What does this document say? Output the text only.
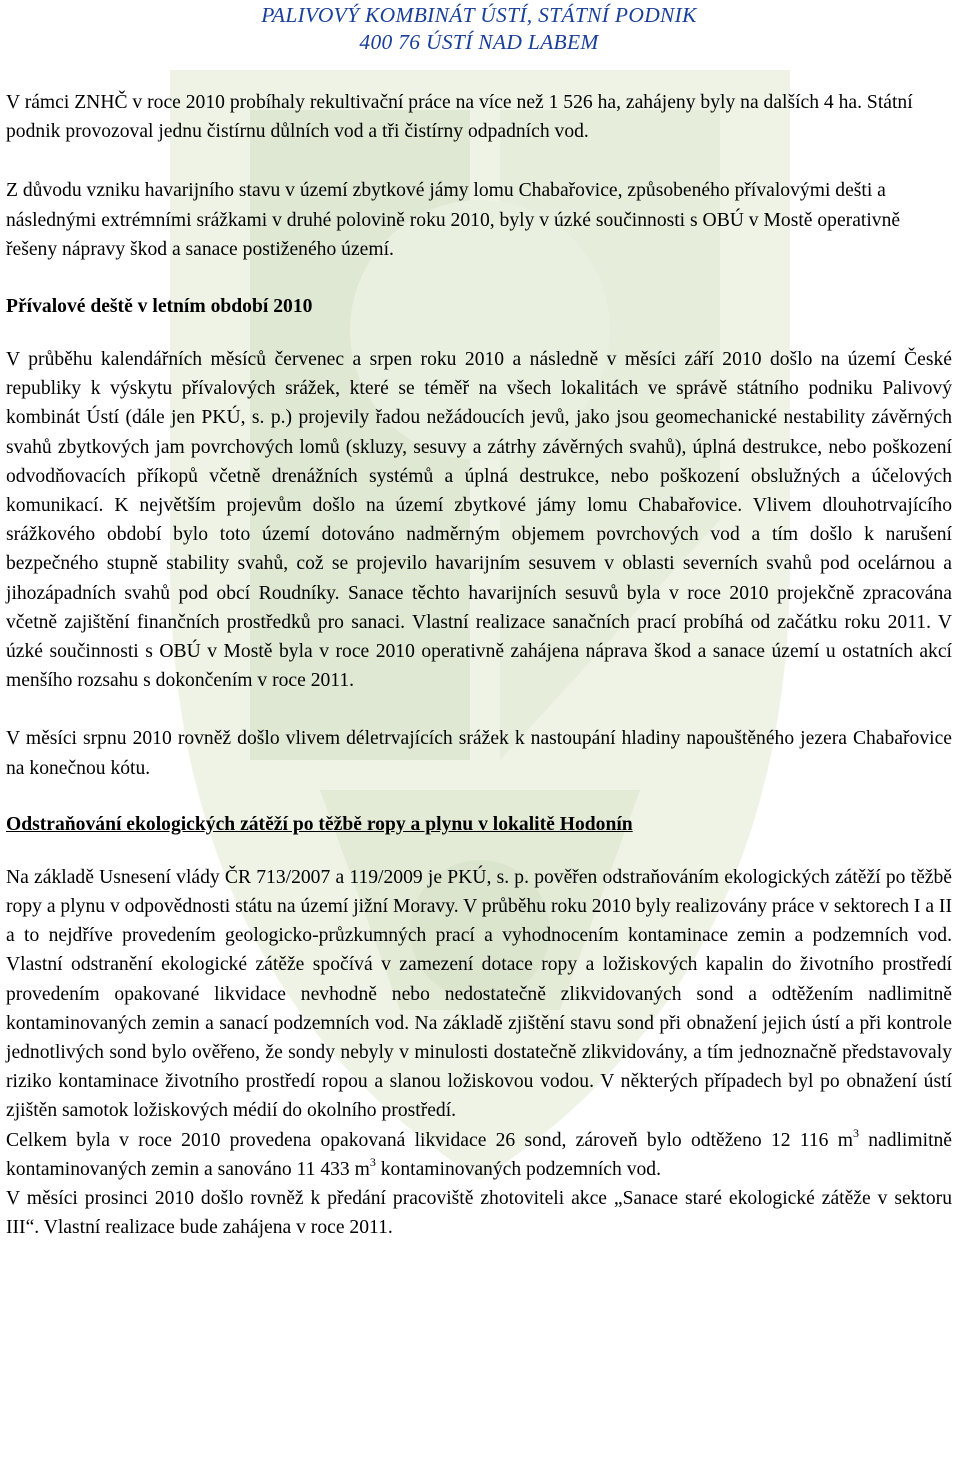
PALIVOVÝ KOMBINÁT ÚSTÍ, STÁTNÍ PODNIK
400 76 ÚSTÍ NAD LABEM

V rámci ZNHČ v roce 2010 probíhaly rekultivační práce na více než 1 526 ha, zahájeny byly na dalších 4 ha. Státní podnik provozoval jednu čistírnu důlních vod a tři čistírny odpadních vod.

Z důvodu vzniku havarijního stavu v území zbytkové jámy lomu Chabařovice, způsobeného přívalovými dešti a následnými extrémními srážkami v druhé polovině roku 2010, byly v úzké součinnosti s OBÚ v Mostě operativně řešeny nápravy škod a sanace postiženého území.

Přívalové deště v letním období 2010

V průběhu kalendářních měsíců červenec a srpen roku 2010 a následně v měsíci září 2010 došlo na území České republiky k výskytu přívalových srážek, které se téměř na všech lokalitách ve správě státního podniku Palivový kombinát Ústí (dále jen PKÚ, s. p.) projevily řadou nežádoucích jevů, jako jsou geomechanické nestability závěrných svahů zbytkových jam povrchových lomů (skluzy, sesuvy a zátrhy závěrných svahů), úplná destrukce, nebo poškození odvodňovacích příkopů včetně drenážních systémů a úplná destrukce, nebo poškození obslužných a účelových komunikací. K největším projevům došlo na území zbytkové jámy lomu Chabařovice. Vlivem dlouhotrvajícího srážkového období bylo toto území dotováno nadměrným objemem povrchových vod a tím došlo k narušení bezpečného stupně stability svahů, což se projevilo havarijním sesuvem v oblasti severních svahů pod ocelárnou a jihozápadních svahů pod obcí Roudníky. Sanace těchto havarijních sesuvů byla v roce 2010 projekčně zpracována včetně zajištění finančních prostředků pro sanaci. Vlastní realizace sanačních prací probíhá od začátku roku 2011. V úzké součinnosti s OBÚ v Mostě byla v roce 2010 operativně zahájena náprava škod a sanace území u ostatních akcí menšího rozsahu s dokončením v roce 2011.

V měsíci srpnu 2010 rovněž došlo vlivem déletrvajících srážek k nastoupání hladiny napouštěného jezera Chabařovice na konečnou kótu.

Odstraňování ekologických zátěží po těžbě ropy a plynu v lokalitě Hodonín

Na základě Usnesení vlády ČR 713/2007 a 119/2009 je PKÚ, s. p. pověřen odstraňováním ekologických zátěží po těžbě ropy a plynu v odpovědnosti státu na území jižní Moravy. V průběhu roku 2010 byly realizovány práce v sektorech I a II a to nejdříve provedením geologicko-průzkumných prací a vyhodnocením kontaminace zemin a podzemních vod. Vlastní odstranění ekologické zátěže spočívá v zamezení dotace ropy a ložiskových kapalin do životního prostředí provedením opakované likvidace nevhodně nebo nedostatečně zlikvidovaných sond a odtěžením nadlimitně kontaminovaných zemin a sanací podzemních vod. Na základě zjištění stavu sond při obnažení jejich ústí a při kontrole jednotlivých sond bylo ověřeno, že sondy nebyly v minulosti dostatečně zlikvidovány, a tím jednoznačně představovaly riziko kontaminace životního prostředí ropou a slanou ložiskovou vodou. V některých případech byl po obnažení ústí zjištěn samotok ložiskových médií do okolního prostředí.

Celkem byla v roce 2010 provedena opakovaná likvidace 26 sond, zároveň bylo odtěženo 12 116 $m^3$ nadlimitně kontaminovaných zemin a sanováno 11 433 $m^3$ kontaminovaných podzemních vod.

V měsíci prosinci 2010 došlo rovněž k předání pracoviště zhotoviteli akce „Sanace staré ekologické zátěže v sektoru III“. Vlastní realizace bude zahájena v roce 2011.
